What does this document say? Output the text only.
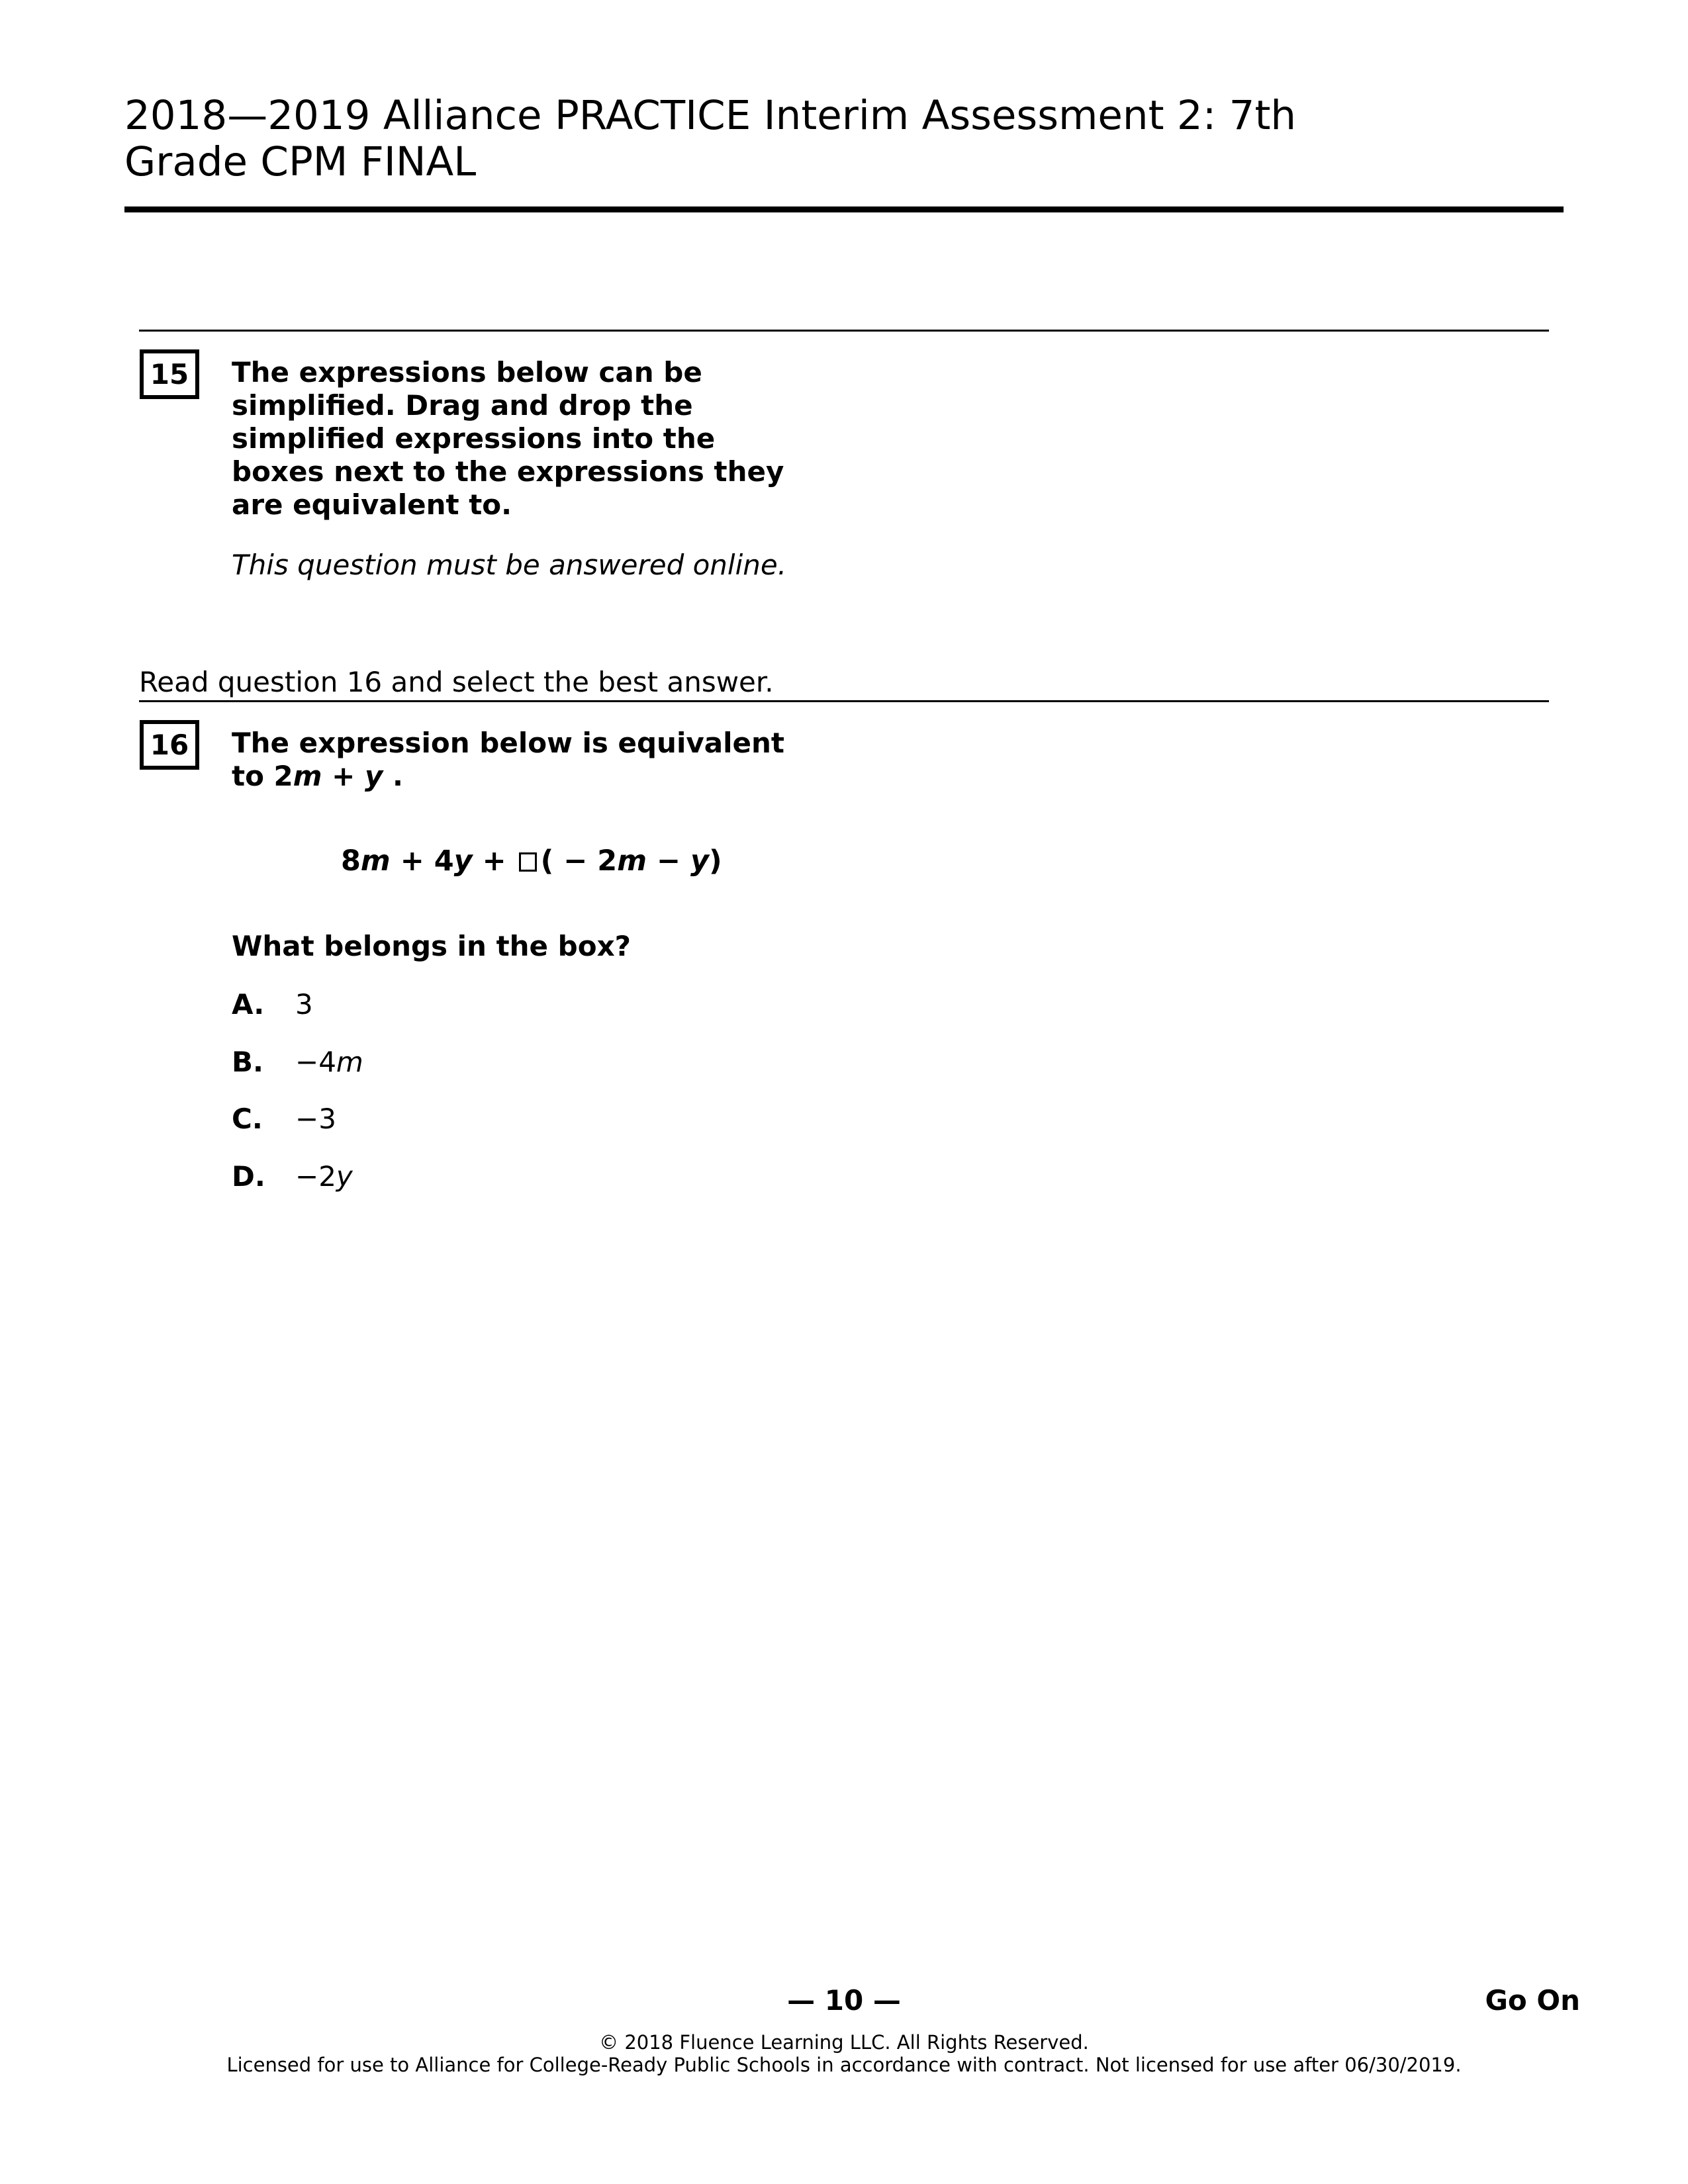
2018—2019 Alliance PRACTICE Interim Assessment 2: 7th
Grade CPM FINAL
15	The expressions below can be
simplified. Drag and drop the
simplified expressions into the
boxes next to the expressions they
are equivalent to.
This question must be answered online.
Read question 16 and select the best answer.
16	The expression below is equivalent
to 2m + y .
8m + 4y + ( − 2m − y)
What belongs in the box?
A. 3
B. −4m
C. −3
D. −2y
— 10 —	Go On
© 2018 Fluence Learning LLC. All Rights Reserved.
Licensed for use to Alliance for College-Ready Public Schools in accordance with contract. Not licensed for use after 06/30/2019.
